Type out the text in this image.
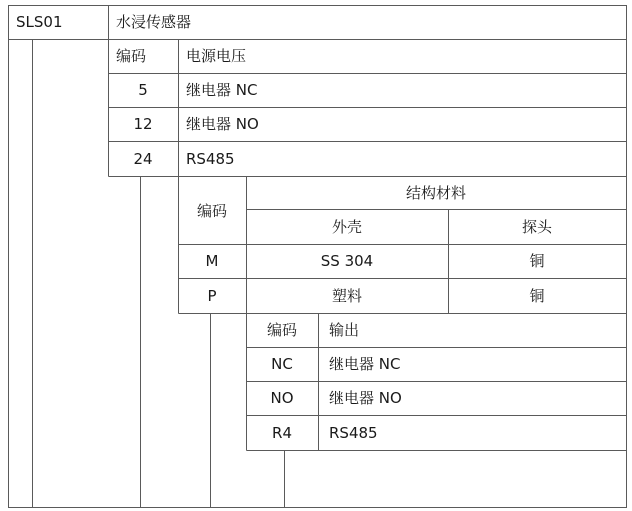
SLS01	水浸传感器
编码	电源电压
5	继电器 NC
12 继电器 NO
24 RS485
编码
结构材料
外壳	探头
M	SS 304	铜
P	塑料	铜
编码 输出
NC 继电器 NC
NO 继电器 NO
R4 RS485
